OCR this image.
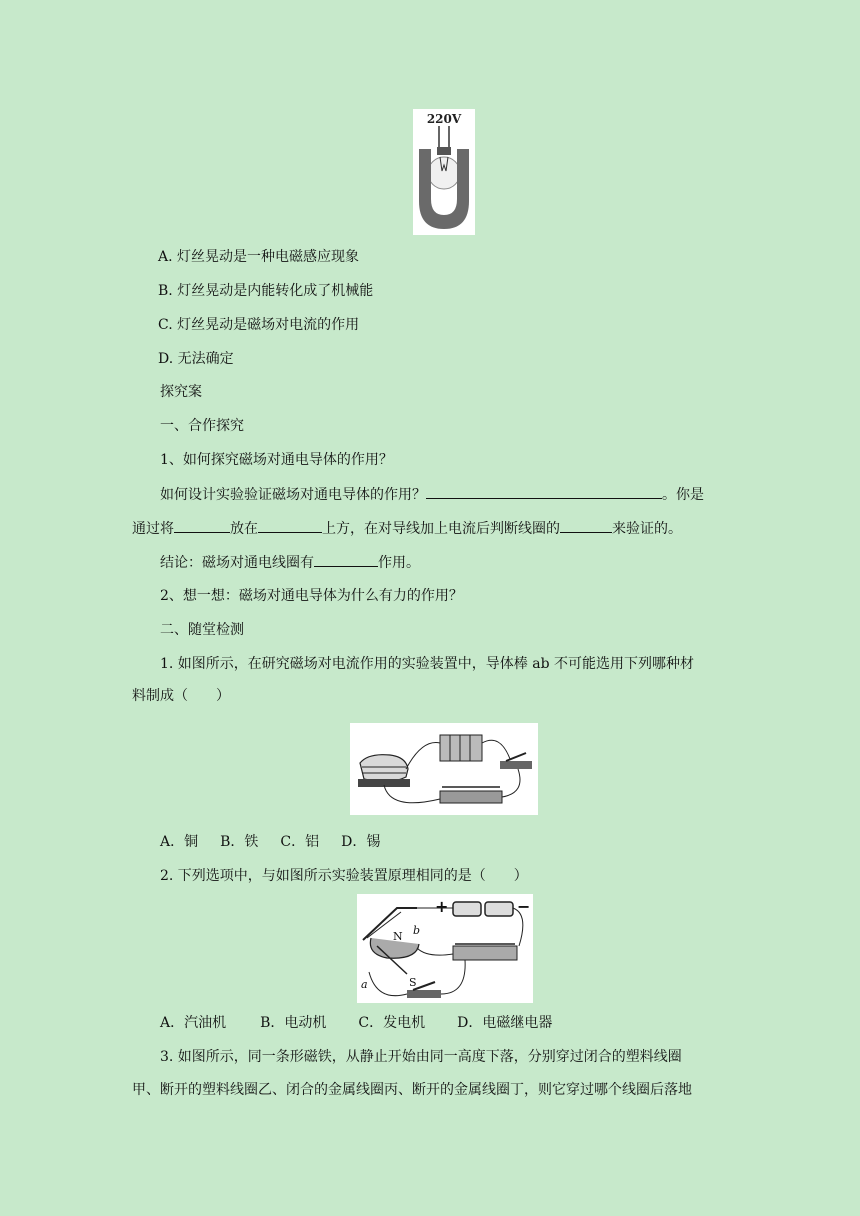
220V
A. 灯丝晃动是一种电磁感应现象
B. 灯丝晃动是内能转化成了机械能
C. 灯丝晃动是磁场对电流的作用
D. 无法确定
探究案
一、合作探究
1、如何探究磁场对通电导体的作用？
如何设计实验验证磁场对通电导体的作用？	。你是
通过将	放在	上方，在对导线加上电流后判断线圈的	来验证的。
结论：磁场对通电线圈有	作用。
2、想一想：磁场对通电导体为什么有力的作用？
二、随堂检测
1. 如图所示，在研究磁场对电流作用的实验装置中，导体棒 ab 不可能选用下列哪种材
料制成（　　）
A．铜 B．铁 C．铝 D．锡
2. 下列选项中，与如图所示实验装置原理相同的是（　　）
+	−
N b
a	S
A．汽油机 B．电动机 C．发电机 D．电磁继电器
3. 如图所示，同一条形磁铁，从静止开始由同一高度下落，分别穿过闭合的塑料线圈
甲、断开的塑料线圈乙、闭合的金属线圈丙、断开的金属线圈丁，则它穿过哪个线圈后落地
